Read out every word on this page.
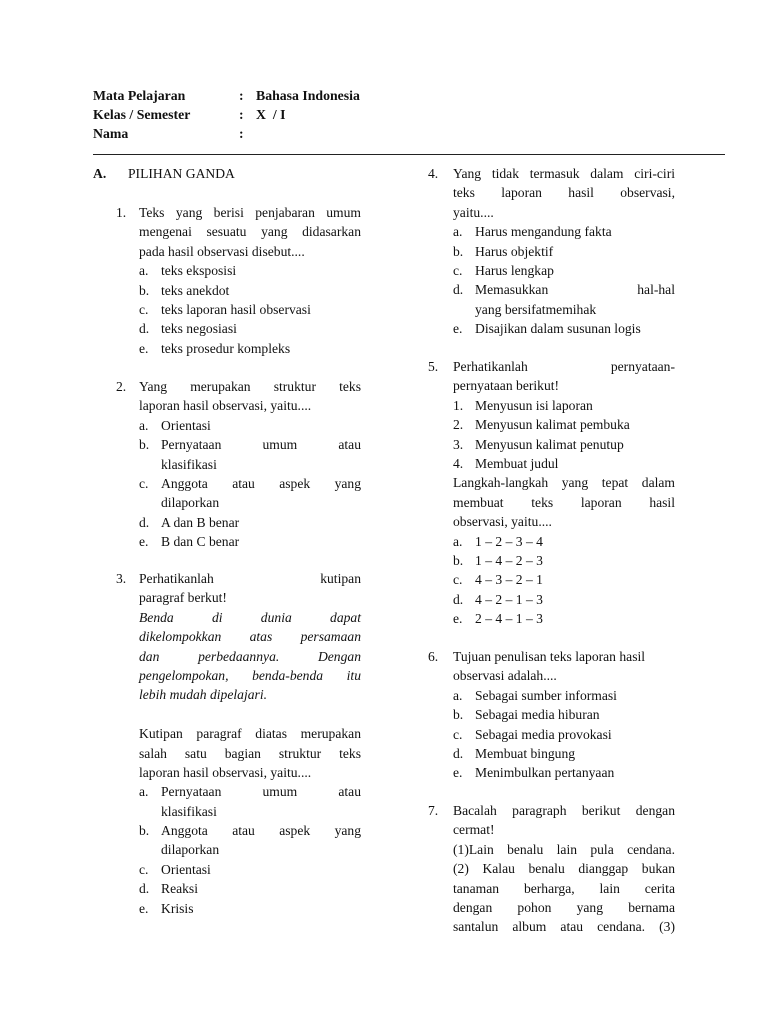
Mata Pelajaran	: Bahasa Indonesia
Kelas / Semester	: X  / I
Nama	:
A. PILIHAN GANDA
1. Teks yang berisi penjabaran umum
mengenai sesuatu yang didasarkan
pada hasil observasi disebut....
a. teks eksposisi
b. teks anekdot
c. teks laporan hasil observasi
d. teks negosiasi
e. teks prosedur kompleks
2. Yang merupakan struktur teks
laporan hasil observasi, yaitu....
a. Orientasi
b. Pernyataan umum atau
klasifikasi
c. Anggota atau aspek yang
dilaporkan
d. A dan B benar
e. B dan C benar
3. Perhatikanlah kutipan
paragraf berkut!
Benda di dunia dapat
dikelompokkan atas persamaan
dan perbedaannya. Dengan
pengelompokan, benda-benda itu
lebih mudah dipelajari.
Kutipan paragraf diatas merupakan
salah satu bagian struktur teks
laporan hasil observasi, yaitu....
a. Pernyataan umum atau
klasifikasi
b. Anggota atau aspek yang
dilaporkan
c. Orientasi
d. Reaksi
e. Krisis
4.	Yang tidak termasuk dalam ciri-ciri
teks laporan hasil observasi,
yaitu....
a. Harus mengandung fakta
b. Harus objektif
c. Harus lengkap
d. Memasukkan hal-hal
yang bersifatmemihak
e. Disajikan dalam susunan logis
5.	Perhatikanlah pernyataan-
pernyataan berikut!
1. Menyusun isi laporan
2. Menyusun kalimat pembuka
3. Menyusun kalimat penutup
4. Membuat judul
Langkah-langkah yang tepat dalam
membuat teks laporan hasil
observasi, yaitu....
a. 1 – 2 – 3 – 4
b. 1 – 4 – 2 – 3
c. 4 – 3 – 2 – 1
d. 4 – 2 – 1 – 3
e. 2 – 4 – 1 – 3
6.	Tujuan penulisan teks laporan hasil
observasi adalah....
a. Sebagai sumber informasi
b. Sebagai media hiburan
c. Sebagai media provokasi
d. Membuat bingung
e. Menimbulkan pertanyaan
7.	Bacalah paragraph berikut dengan
cermat!
(1)Lain benalu lain pula cendana.
(2) Kalau benalu dianggap bukan
tanaman berharga, lain cerita
dengan pohon yang bernama
santalun album atau cendana. (3)
